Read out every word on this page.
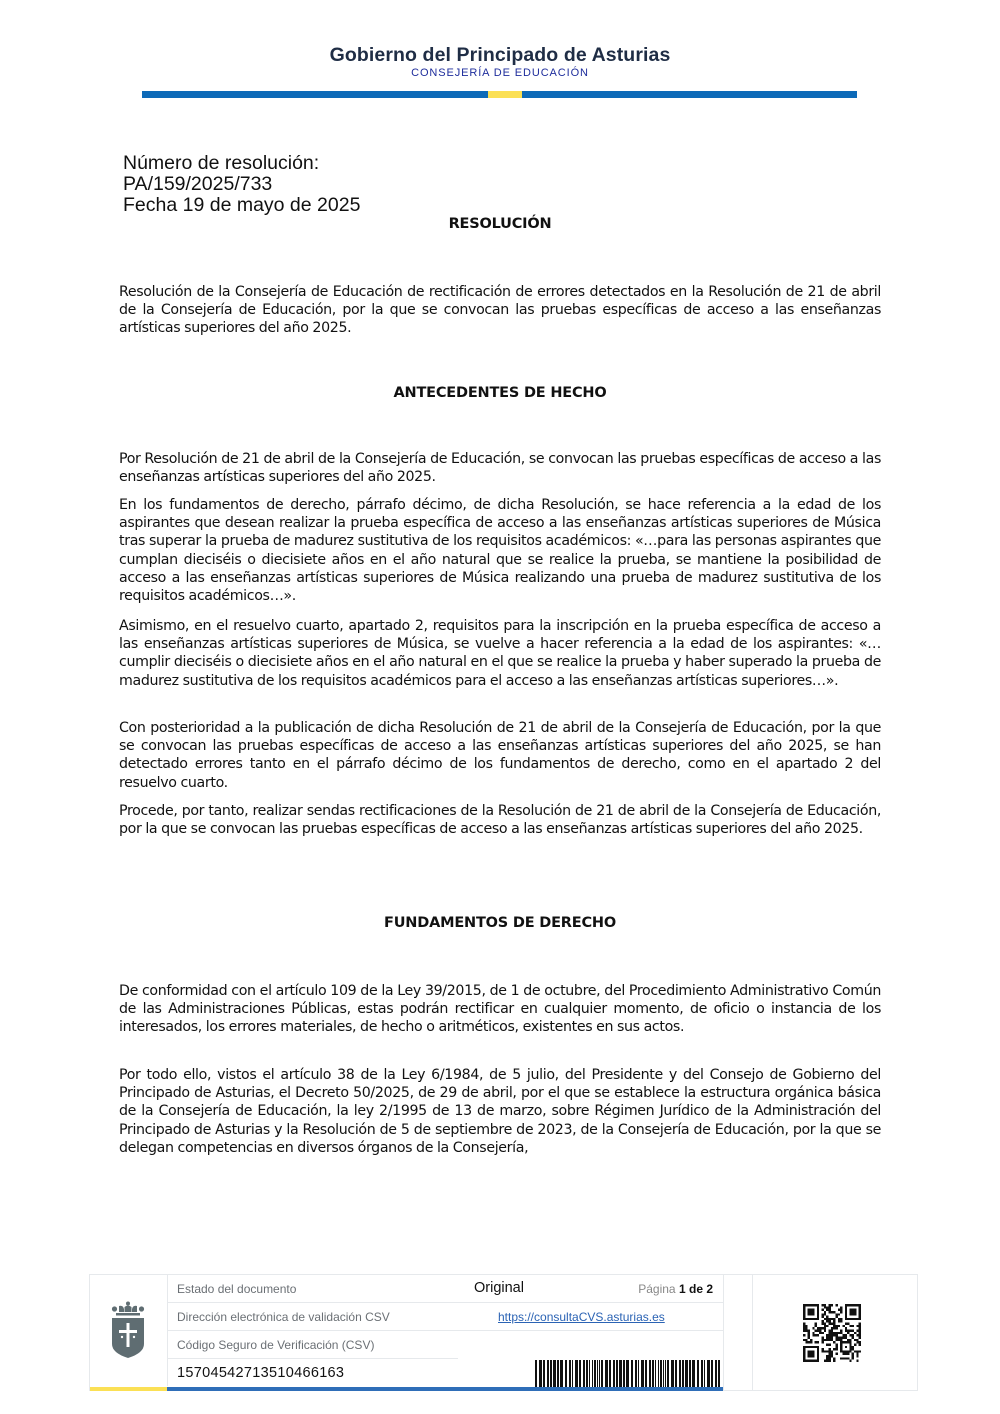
Gobierno del Principado de Asturias
CONSEJERÍA DE EDUCACIÓN
Número de resolución:
PA/159/2025/733
Fecha 19 de mayo de 2025
RESOLUCIÓN
Resolución de la Consejería de Educación de rectificación de errores detectados en la Resolución de 21 de abril de la Consejería de Educación, por la que se convocan las pruebas específicas de acceso a las enseñanzas artísticas superiores del año 2025.
ANTECEDENTES DE HECHO
Por Resolución de 21 de abril de la Consejería de Educación, se convocan las pruebas específicas de acceso a las enseñanzas artísticas superiores del año 2025.
En los fundamentos de derecho, párrafo décimo, de dicha Resolución, se hace referencia a la edad de los aspirantes que desean realizar la prueba específica de acceso a las enseñanzas artísticas superiores de Música tras superar la prueba de madurez sustitutiva de los requisitos académicos: «…para las personas aspirantes que cumplan dieciséis o diecisiete años en el año natural que se realice la prueba, se mantiene la posibilidad de acceso a las enseñanzas artísticas superiores de Música realizando una prueba de madurez sustitutiva de los requisitos académicos…».
Asimismo, en el resuelvo cuarto, apartado 2, requisitos para la inscripción en la prueba específica de acceso a las enseñanzas artísticas superiores de Música, se vuelve a hacer referencia a la edad de los aspirantes: «…cumplir dieciséis o diecisiete años en el año natural en el que se realice la prueba y haber superado la prueba de madurez sustitutiva de los requisitos académicos para el acceso a las enseñanzas artísticas superiores…».
Con posterioridad a la publicación de dicha Resolución de 21 de abril de la Consejería de Educación, por la que se convocan las pruebas específicas de acceso a las enseñanzas artísticas superiores del año 2025, se han detectado errores tanto en el párrafo décimo de los fundamentos de derecho, como en el apartado 2 del resuelvo cuarto.
Procede, por tanto, realizar sendas rectificaciones de la Resolución de 21 de abril de la Consejería de Educación, por la que se convocan las pruebas específicas de acceso a las enseñanzas artísticas superiores del año 2025.
FUNDAMENTOS DE DERECHO
De conformidad con el artículo 109 de la Ley 39/2015, de 1 de octubre, del Procedimiento Administrativo Común de las Administraciones Públicas, estas podrán rectificar en cualquier momento, de oficio o instancia de los interesados, los errores materiales, de hecho o aritméticos, existentes en sus actos.
Por todo ello, vistos el artículo 38 de la Ley 6/1984, de 5 julio, del Presidente y del Consejo de Gobierno del Principado de Asturias, el Decreto 50/2025, de 29 de abril, por el que se establece la estructura orgánica básica de la Consejería de Educación, la ley 2/1995 de 13 de marzo, sobre Régimen Jurídico de la Administración del Principado de Asturias y la Resolución de 5 de septiembre de 2023, de la Consejería de Educación, por la que se delegan competencias en diversos órganos de la Consejería,
Estado del documento	Original	Página 1 de 2
Dirección electrónica de validación CSV	https://consultaCVS.asturias.es
Código Seguro de Verificación (CSV)
15704542713510466163
